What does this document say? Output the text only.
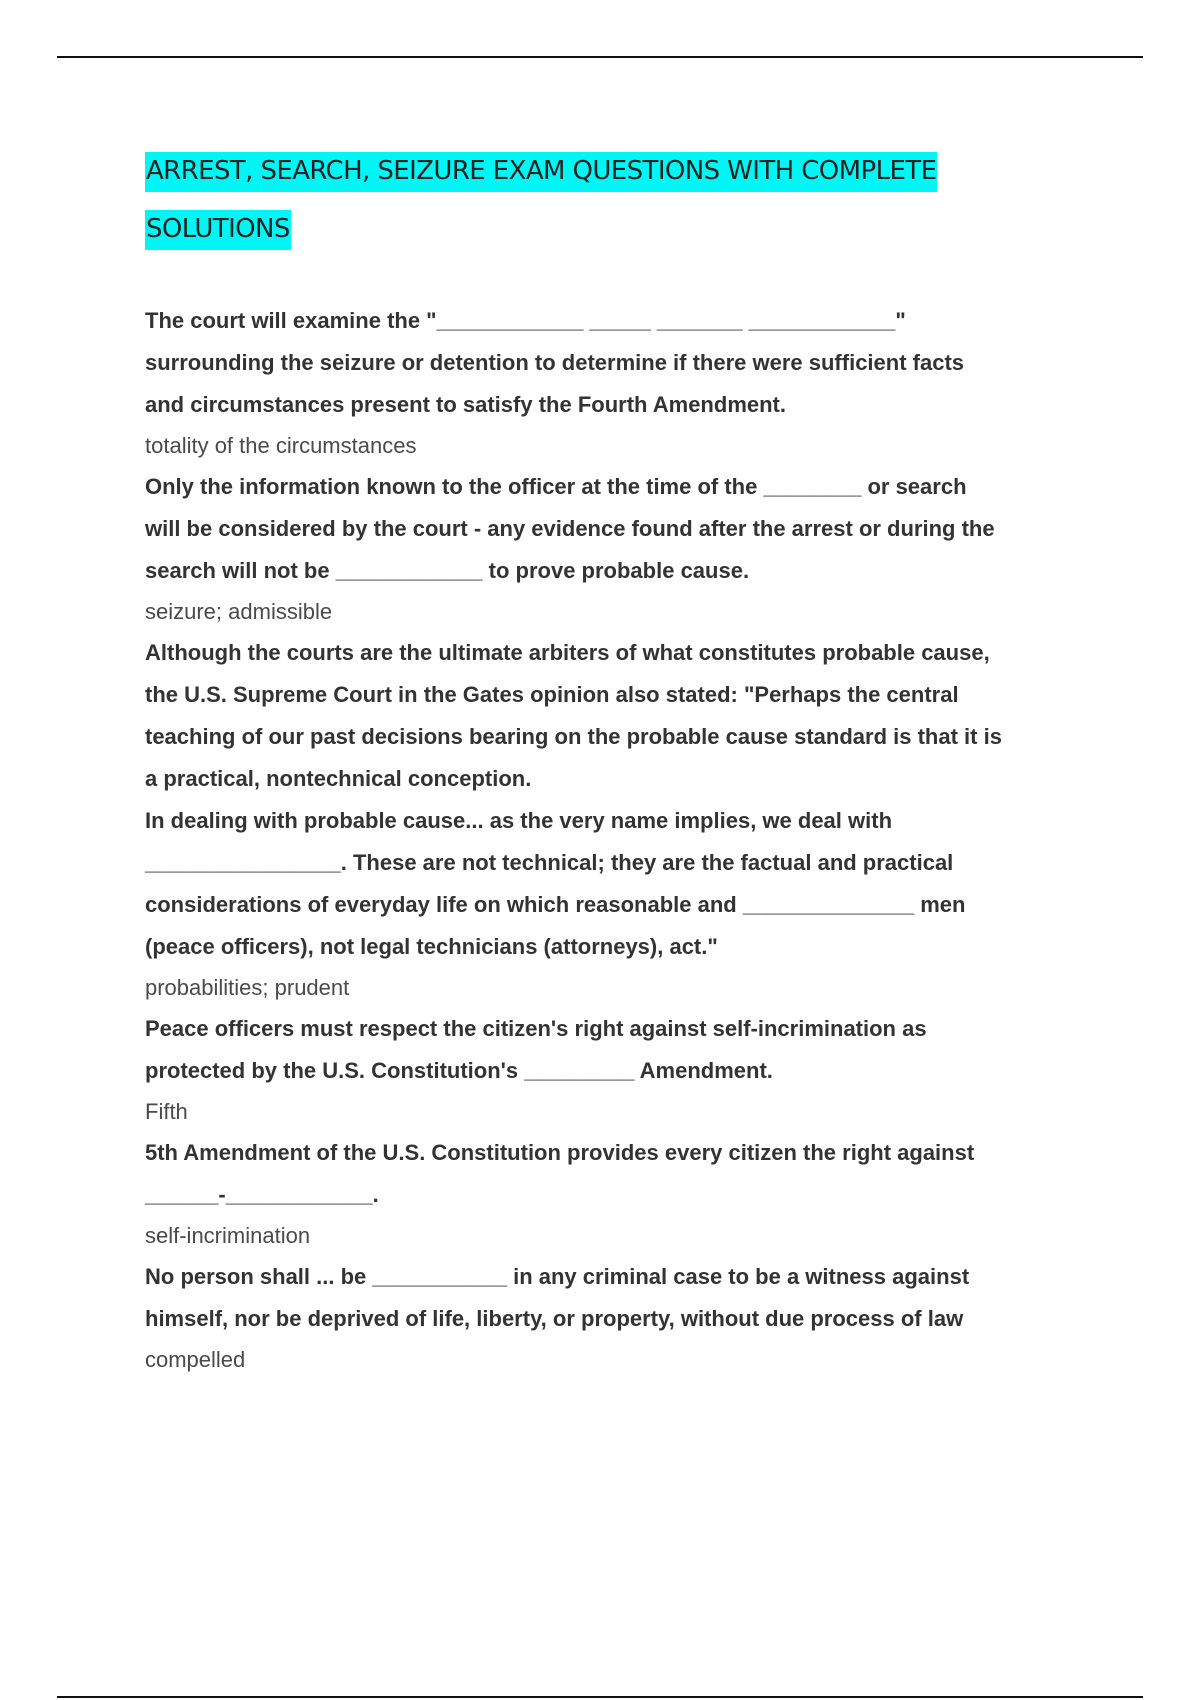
ARREST, SEARCH, SEIZURE EXAM QUESTIONS WITH COMPLETE
SOLUTIONS
The court will examine the "____________ _____ _______ ____________"
surrounding the seizure or detention to determine if there were sufficient facts
and circumstances present to satisfy the Fourth Amendment.
totality of the circumstances
Only the information known to the officer at the time of the ________ or search
will be considered by the court - any evidence found after the arrest or during the
search will not be ____________ to prove probable cause.
seizure; admissible
Although the courts are the ultimate arbiters of what constitutes probable cause,
the U.S. Supreme Court in the Gates opinion also stated: "Perhaps the central
teaching of our past decisions bearing on the probable cause standard is that it is
a practical, nontechnical conception.
In dealing with probable cause... as the very name implies, we deal with
________________. These are not technical; they are the factual and practical
considerations of everyday life on which reasonable and ______________ men
(peace officers), not legal technicians (attorneys), act."
probabilities; prudent
Peace officers must respect the citizen's right against self-incrimination as
protected by the U.S. Constitution's _________ Amendment.
Fifth
5th Amendment of the U.S. Constitution provides every citizen the right against
______-____________.
self-incrimination
No person shall ... be ___________ in any criminal case to be a witness against
himself, nor be deprived of life, liberty, or property, without due process of law
compelled
